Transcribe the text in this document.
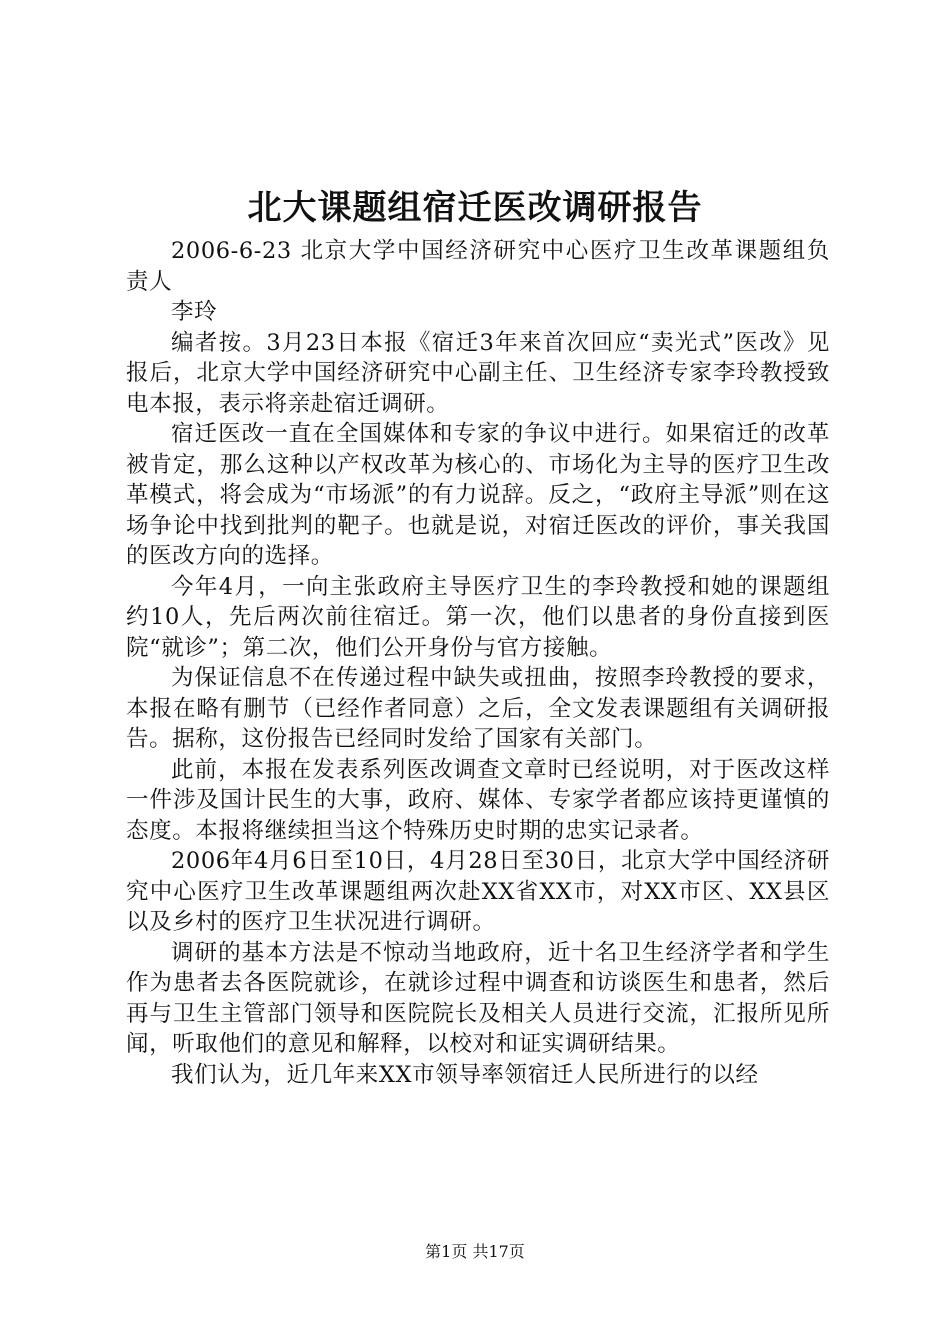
北大课题组宿迁医改调研报告

2006-6-23 北京大学中国经济研究中心医疗卫生改革课题组负责人

李玲

编者按。3月23日本报《宿迁3年来首次回应“卖光式”医改》见报后，北京大学中国经济研究中心副主任、卫生经济专家李玲教授致电本报，表示将亲赴宿迁调研。

宿迁医改一直在全国媒体和专家的争议中进行。如果宿迁的改革被肯定，那么这种以产权改革为核心的、市场化为主导的医疗卫生改革模式，将会成为“市场派”的有力说辞。反之，“政府主导派”则在这场争论中找到批判的靶子。也就是说，对宿迁医改的评价，事关我国的医改方向的选择。

今年4月，一向主张政府主导医疗卫生的李玲教授和她的课题组约10人，先后两次前往宿迁。第一次，他们以患者的身份直接到医院“就诊”；第二次，他们公开身份与官方接触。

为保证信息不在传递过程中缺失或扭曲，按照李玲教授的要求，本报在略有删节（已经作者同意）之后，全文发表课题组有关调研报告。据称，这份报告已经同时发给了国家有关部门。

此前，本报在发表系列医改调查文章时已经说明，对于医改这样一件涉及国计民生的大事，政府、媒体、专家学者都应该持更谨慎的态度。本报将继续担当这个特殊历史时期的忠实记录者。

2006年4月6日至10日，4月28日至30日，北京大学中国经济研究中心医疗卫生改革课题组两次赴XX省XX市，对XX市区、XX县区以及乡村的医疗卫生状况进行调研。

调研的基本方法是不惊动当地政府，近十名卫生经济学者和学生作为患者去各医院就诊，在就诊过程中调查和访谈医生和患者，然后再与卫生主管部门领导和医院院长及相关人员进行交流，汇报所见所闻，听取他们的意见和解释，以校对和证实调研结果。

我们认为，近几年来XX市领导率领宿迁人民所进行的以经

第1页 共17页
